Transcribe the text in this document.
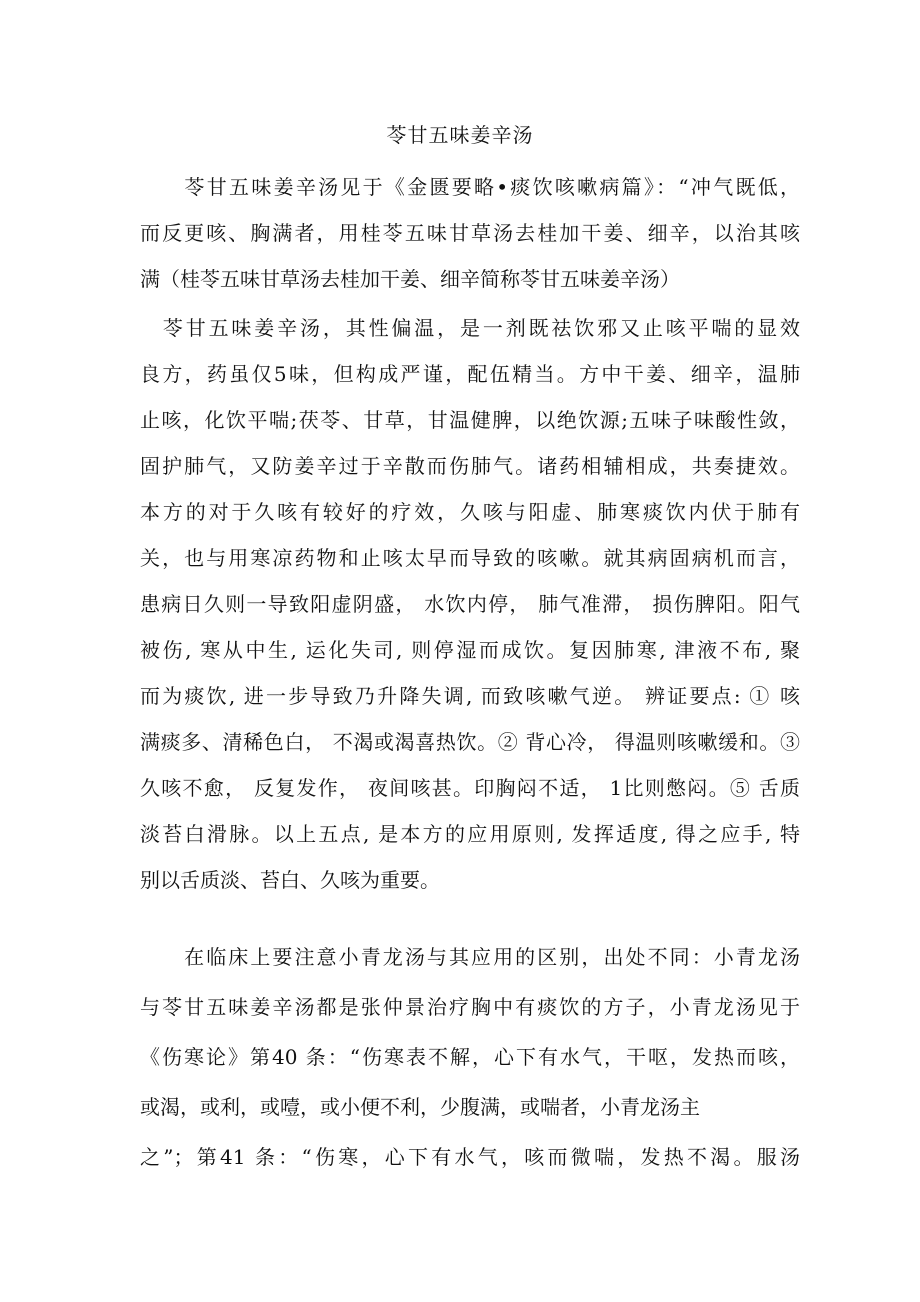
苓甘五味姜辛汤

　　苓甘五味姜辛汤见于《金匮要略•痰饮咳嗽病篇》：“冲气既低，

而反更咳、胸满者，用桂苓五味甘草汤去桂加干姜、细辛，以治其咳

满（桂苓五味甘草汤去桂加干姜、细辛简称苓甘五味姜辛汤）

　苓甘五味姜辛汤，其性偏温，是一剂既祛饮邪又止咳平喘的显效

良方，药虽仅5味，但构成严谨，配伍精当。方中干姜、细辛，温肺

止咳，化饮平喘;茯苓、甘草，甘温健脾，以绝饮源;五味子味酸性敛，

固护肺气，又防姜辛过于辛散而伤肺气。诸药相辅相成，共奏捷效。

本方的对于久咳有较好的疗效，久咳与阳虚、肺寒痰饮内伏于肺有

关，也与用寒凉药物和止咳太早而导致的咳嗽。就其病固病机而言，

患病日久则一导致阳虚阴盛， 水饮内停， 肺气准滞， 损伤脾阳。阳气

被伤, 寒从中生, 运化失司, 则停湿而成饮。复因肺寒, 津液不布, 聚

而为痰饮, 进一步导致乃升降失调, 而致咳嗽气逆。 辨证要点: ① 咳

满痰多、清稀色白， 不渴或渴喜热饮。② 背心冷， 得温则咳嗽缓和。③

久咳不愈， 反复发作， 夜间咳甚。印胸闷不适， 1比则憋闷。⑤ 舌质

淡苔白滑脉。以上五点, 是本方的应用原则, 发挥适度, 得之应手, 特

别以舌质淡、苔白、久咳为重要。

　　在临床上要注意小青龙汤与其应用的区别，出处不同：小青龙汤

与苓甘五味姜辛汤都是张仲景治疗胸中有痰饮的方子，小青龙汤见于

《伤寒论》第40 条：“伤寒表不解，心下有水气，干呕，发热而咳，

或渴，或利，或噎，或小便不利，少腹满，或喘者，小青龙汤主

之”；第41 条：“伤寒，心下有水气，咳而微喘，发热不渴。服汤
